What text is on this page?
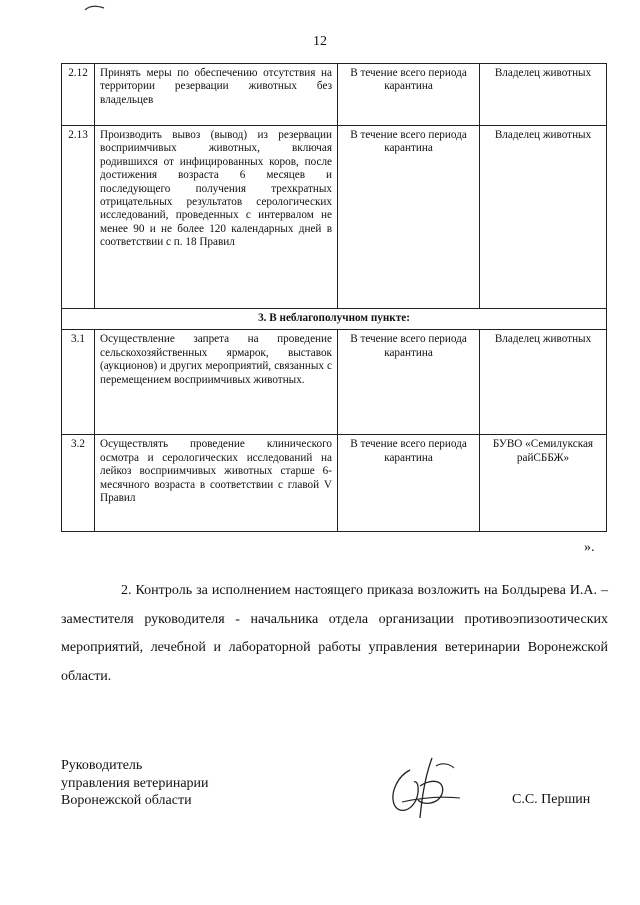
12
2.12	Принять меры по обеспечению отсутствия на территории резервации животных без владельцев	В течение всего периода карантина	Владелец животных
2.13	Производить вывоз (вывод) из резервации восприимчивых животных, включая родившихся от инфицированных коров, после достижения возраста 6 месяцев и последующего получения трехкратных отрицательных результатов серологических исследований, проведенных с интервалом не менее 90 и не более 120 календарных дней в соответствии с п. 18 Правил	В течение всего периода карантина	Владелец животных
3. В неблагополучном пункте:			
3.1	Осуществление запрета на проведение сельскохозяйственных ярмарок, выставок (аукционов) и других мероприятий, связанных с перемещением восприимчивых животных.	В течение всего периода карантина	Владелец животных
3.2	Осуществлять проведение клинического осмотра и серологических исследований на лейкоз восприимчивых животных старше 6-месячного возраста в соответствии с главой V Правил	В течение всего периода карантина	БУВО «Семилукская райСББЖ»
».

2. Контроль за исполнением настоящего приказа возложить на Болдырева И.А. – заместителя руководителя - начальника отдела организации противоэпизоотических мероприятий, лечебной и лабораторной работы управления ветеринарии Воронежской области.

Руководитель
управления ветеринарии
Воронежской области	С.С. Першин
